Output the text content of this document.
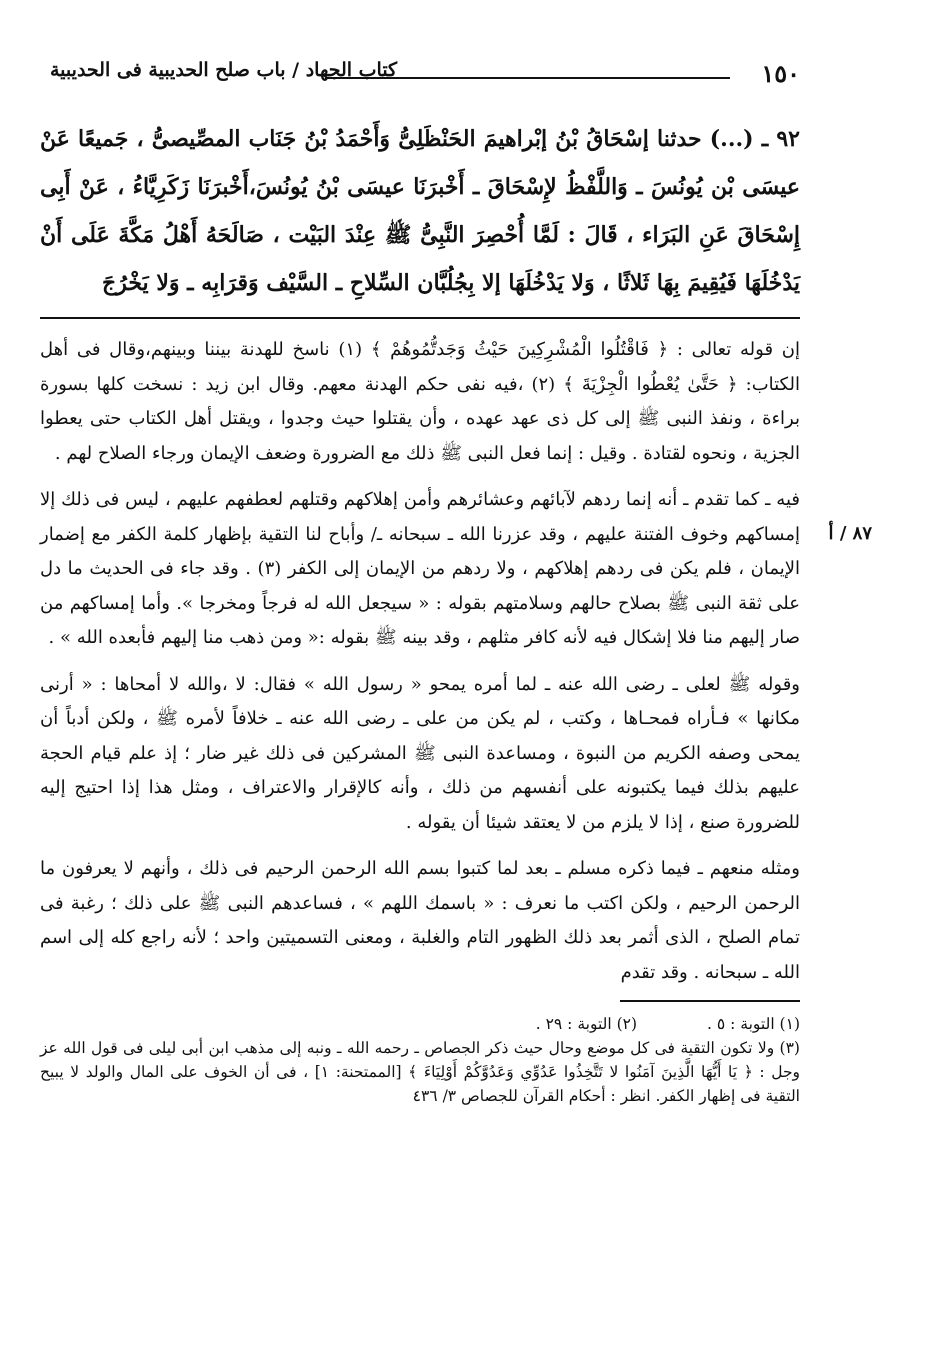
١٥٠
كتاب الجهاد / باب صلح الحديبية فى الحديبية

٩٢ ـ (...) حدثنا إسْحَاقُ بْنُ إبْراهيمَ الحَنْظَلِىُّ وَأَحْمَدُ بْنُ جَنَاب المصِّيصىُّ ، جَميعًا عَنْ عيسَى بْن يُونُسَ ـ وَاللَّفْظُ لإِسْحَاقَ ـ أَخْبرَنَا عيسَى بْنُ يُونُسَ،أَخْبرَنَا زَكَرِيَّاءُ ، عَنْ أَبِى إِسْحَاقَ عَنِ البَرَاء ، قَالَ : لَمَّا أُحْصِرَ النَّبِىُّ ﷺ عِنْدَ البَيْت ، صَالَحَهُ أَهْلُ مَكَّةَ عَلَى أَنْ يَدْخُلَهَا فَيُقِيمَ بِهَا ثَلاثًا ، وَلا يَدْخُلَهَا إلا بِجُلُبَّان السِّلاحِ ـ السَّيْف وَقرَابِه ـ وَلا يَخْرُجَ

إن قوله تعالى : ﴿ فَاقْتُلُوا الْمُشْرِكِينَ حَيْثُ وَجَدتُّمُوهُمْ ﴾ (١) ناسخ للهدنة بيننا وبينهم،وقال فى أهل الكتاب: ﴿ حَتَّىٰ يُعْطُوا الْجِزْيَةَ ﴾ (٢) ،فيه نفى حكم الهدنة معهم. وقال ابن زيد : نسخت كلها بسورة براءة ، ونفذ النبى ﷺ إلى كل ذى عهد عهده ، وأن يقتلوا حيث وجدوا ، ويقتل أهل الكتاب حتى يعطوا الجزية ، ونحوه لقتادة . وقيل : إنما فعل النبى ﷺ ذلك مع الضرورة وضعف الإيمان ورجاء الصلاح لهم .

٨٧ / أ
فيه ـ كما تقدم ـ أنه إنما ردهم لآبائهم وعشائرهم وأمن إهلاكهم وقتلهم لعطفهم عليهم ، ليس فى ذلك إلا إمساكهم وخوف الفتنة عليهم ، وقد عزرنا الله ـ سبحانه ـ/ وأباح لنا التقية بإظهار كلمة الكفر مع إضمار الإيمان ، فلم يكن فى ردهم إهلاكهم ، ولا ردهم من الإيمان إلى الكفر (٣) . وقد جاء فى الحديث ما دل على ثقة النبى ﷺ بصلاح حالهم وسلامتهم بقوله : « سيجعل الله له فرجاً ومخرجا ». وأما إمساكهم من صار إليهم منا فلا إشكال فيه لأنه كافر مثلهم ، وقد بينه ﷺ بقوله :« ومن ذهب منا إليهم فأبعده الله » .

وقوله ﷺ لعلى ـ رضى الله عنه ـ لما أمره يمحو « رسول الله » فقال: لا ،والله لا أمحاها : « أرنى مكانها » فـأراه فمحـاها ، وكتب ، لم يكن من على ـ رضى الله عنه ـ خلافاً لأمره ﷺ ، ولكن أدباً أن يمحى وصفه الكريم من النبوة ، ومساعدة النبى ﷺ المشركين فى ذلك غير ضار ؛ إذ علم قيام الحجة عليهم بذلك فيما يكتبونه على أنفسهم من ذلك ، وأنه كالإقرار والاعتراف ، ومثل هذا إذا احتيج إليه للضرورة صنع ، إذا لا يلزم من لا يعتقد شيئا أن يقوله .

ومثله منعهم ـ فيما ذكره مسلم ـ بعد لما كتبوا بسم الله الرحمن الرحيم فى ذلك ، وأنهم لا يعرفون ما الرحمن الرحيم ، ولكن اكتب ما نعرف : « باسمك اللهم » ، فساعدهم النبى ﷺ على ذلك ؛ رغبة فى تمام الصلح ، الذى أثمر بعد ذلك الظهور التام والغلبة ، ومعنى التسميتين واحد ؛ لأنه راجع كله إلى اسم الله ـ سبحانه . وقد تقدم

(١) التوبة : ٥ .

(٢) التوبة : ٢٩ .

(٣) ولا تكون التقية فى كل موضع وحال حيث ذكر الجصاص ـ رحمه الله ـ ونبه إلى مذهب ابن أبى ليلى فى قول الله عز وجل : ﴿ يَا أَيُّهَا الَّذِينَ آمَنُوا لا تَتَّخِذُوا عَدُوِّي وَعَدُوَّكُمْ أَوْلِيَاءَ ﴾ [الممتحنة: ١] ، فى أن الخوف على المال والولد لا يبيح التقية فى إظهار الكفر. انظر : أحكام القرآن للجصاص ٣/ ٤٣٦
